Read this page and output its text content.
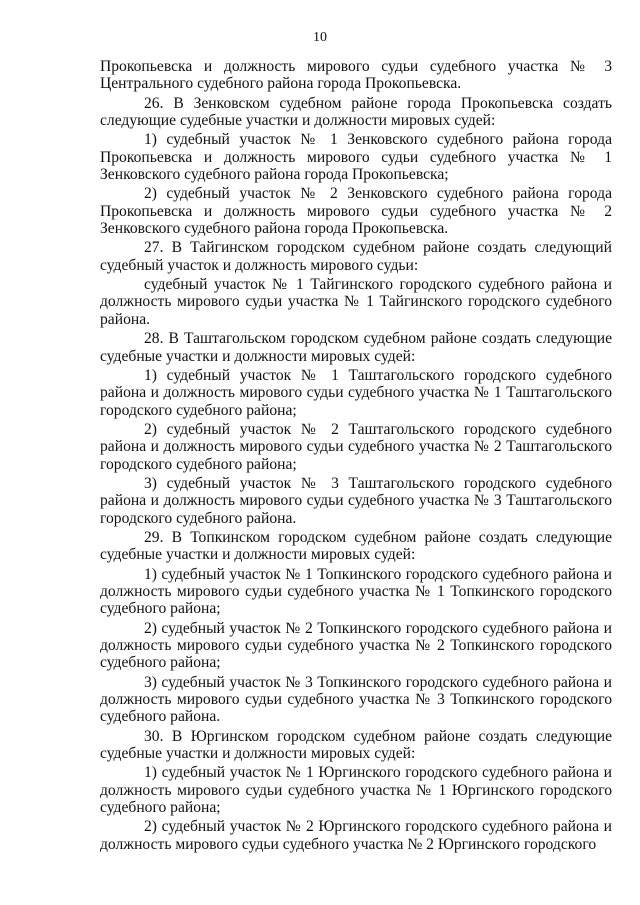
10

Прокопьевска и должность мирового судьи судебного участка № 3 Центрального судебного района города Прокопьевска.

26. В Зенковском судебном районе города Прокопьевска создать следующие судебные участки и должности мировых судей:

1) судебный участок № 1 Зенковского судебного района города Прокопьевска и должность мирового судьи судебного участка № 1 Зенковского судебного района города Прокопьевска;

2) судебный участок № 2 Зенковского судебного района города Прокопьевска и должность мирового судьи судебного участка № 2 Зенковского судебного района города Прокопьевска.

27. В Тайгинском городском судебном районе создать следующий судебный участок и должность мирового судьи:

судебный участок № 1 Тайгинского городского судебного района и должность мирового судьи участка № 1 Тайгинского городского судебного района.

28. В Таштагольском городском судебном районе создать следующие судебные участки и должности мировых судей:

1) судебный участок № 1 Таштагольского городского судебного района и должность мирового судьи судебного участка № 1 Таштагольского городского судебного района;

2) судебный участок № 2 Таштагольского городского судебного района и должность мирового судьи судебного участка № 2 Таштагольского городского судебного района;

3) судебный участок № 3 Таштагольского городского судебного района и должность мирового судьи судебного участка № 3 Таштагольского городского судебного района.

29. В Топкинском городском судебном районе создать следующие судебные участки и должности мировых судей:

1) судебный участок № 1 Топкинского городского судебного района и должность мирового судьи судебного участка № 1 Топкинского городского судебного района;

2) судебный участок № 2 Топкинского городского судебного района и должность мирового судьи судебного участка № 2 Топкинского городского судебного района;

3) судебный участок № 3 Топкинского городского судебного района и должность мирового судьи судебного участка № 3 Топкинского городского судебного района.

30. В Юргинском городском судебном районе создать следующие судебные участки и должности мировых судей:

1) судебный участок № 1 Юргинского городского судебного района и должность мирового судьи судебного участка № 1 Юргинского городского судебного района;

2) судебный участок № 2 Юргинского городского судебного района и должность мирового судьи судебного участка № 2 Юргинского городского
